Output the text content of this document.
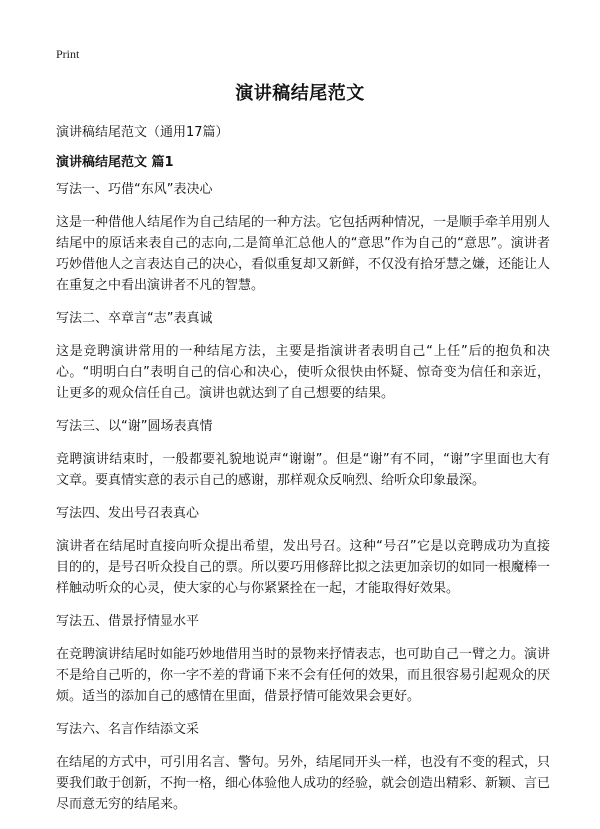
Print
演讲稿结尾范文

演讲稿结尾范文（通用17篇）

演讲稿结尾范文 篇1

写法一、巧借“东风”表决心

这是一种借他人结尾作为自己结尾的一种方法。它包括两种情况，一是顺手牵羊用别人结尾中的原话来表自己的志向,二是简单汇总他人的“意思”作为自己的“意思”。演讲者巧妙借他人之言表达自己的决心，看似重复却又新鲜，不仅没有拾牙慧之嫌，还能让人在重复之中看出演讲者不凡的智慧。

写法二、卒章言“志”表真诚

这是竞聘演讲常用的一种结尾方法，主要是指演讲者表明自己“上任”后的抱负和决心。“明明白白”表明自己的信心和决心，使听众很快由怀疑、惊奇变为信任和亲近，让更多的观众信任自己。演讲也就达到了自己想要的结果。

写法三、以“谢”圆场表真情

竞聘演讲结束时，一般都要礼貌地说声“谢谢”。但是“谢”有不同，“谢”字里面也大有文章。要真情实意的表示自己的感谢，那样观众反响烈、给听众印象最深。

写法四、发出号召表真心

演讲者在结尾时直接向听众提出希望，发出号召。这种“号召”它是以竞聘成功为直接目的的，是号召听众投自己的票。所以要巧用修辞比拟之法更加亲切的如同一根魔棒一样触动听众的心灵，使大家的心与你紧紧拴在一起，才能取得好效果。

写法五、借景抒情显水平

在竞聘演讲结尾时如能巧妙地借用当时的景物来抒情表志，也可助自己一臂之力。演讲不是给自己听的，你一字不差的背诵下来不会有任何的效果，而且很容易引起观众的厌烦。适当的添加自己的感情在里面，借景抒情可能效果会更好。

写法六、名言作结添文采

在结尾的方式中，可引用名言、警句。另外，结尾同开头一样，也没有不变的程式，只要我们敢于创新，不拘一格，细心体验他人成功的经验，就会创造出精彩、新颖、言已尽而意无穷的结尾来。
